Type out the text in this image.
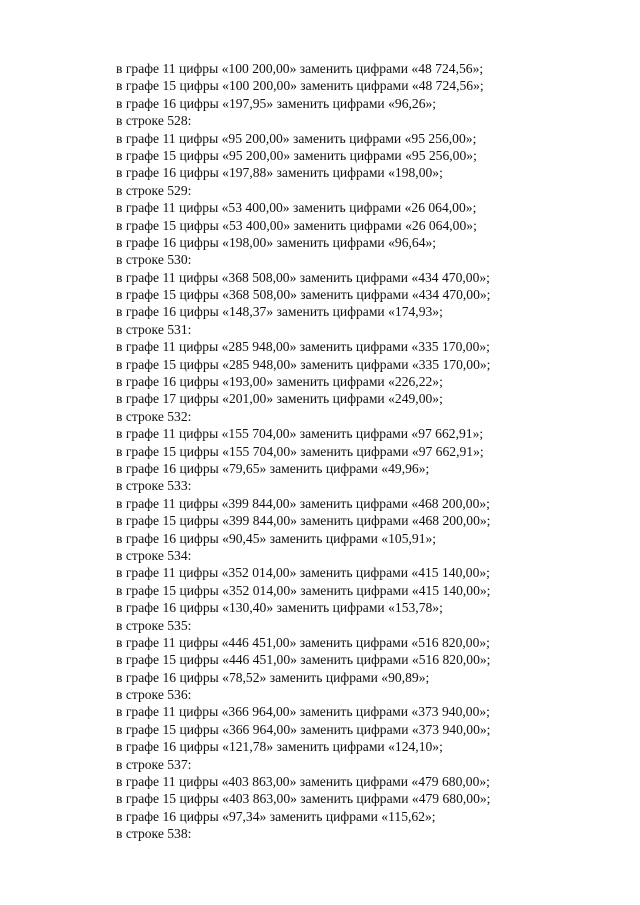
в графе 11 цифры «100 200,00» заменить цифрами «48 724,56»;
в графе 15 цифры «100 200,00» заменить цифрами «48 724,56»;
в графе 16 цифры «197,95» заменить цифрами «96,26»;
в строке 528:
в графе 11 цифры «95 200,00» заменить цифрами «95 256,00»;
в графе 15 цифры «95 200,00» заменить цифрами «95 256,00»;
в графе 16 цифры «197,88» заменить цифрами «198,00»;
в строке 529:
в графе 11 цифры «53 400,00» заменить цифрами «26 064,00»;
в графе 15 цифры «53 400,00» заменить цифрами «26 064,00»;
в графе 16 цифры «198,00» заменить цифрами «96,64»;
в строке 530:
в графе 11 цифры «368 508,00» заменить цифрами «434 470,00»;
в графе 15 цифры «368 508,00» заменить цифрами «434 470,00»;
в графе 16 цифры «148,37» заменить цифрами «174,93»;
в строке 531:
в графе 11 цифры «285 948,00» заменить цифрами «335 170,00»;
в графе 15 цифры «285 948,00» заменить цифрами «335 170,00»;
в графе 16 цифры «193,00» заменить цифрами «226,22»;
в графе 17 цифры «201,00» заменить цифрами «249,00»;
в строке 532:
в графе 11 цифры «155 704,00» заменить цифрами «97 662,91»;
в графе 15 цифры «155 704,00» заменить цифрами «97 662,91»;
в графе 16 цифры «79,65» заменить цифрами «49,96»;
в строке 533:
в графе 11 цифры «399 844,00» заменить цифрами «468 200,00»;
в графе 15 цифры «399 844,00» заменить цифрами «468 200,00»;
в графе 16 цифры «90,45» заменить цифрами «105,91»;
в строке 534:
в графе 11 цифры «352 014,00» заменить цифрами «415 140,00»;
в графе 15 цифры «352 014,00» заменить цифрами «415 140,00»;
в графе 16 цифры «130,40» заменить цифрами «153,78»;
в строке 535:
в графе 11 цифры «446 451,00» заменить цифрами «516 820,00»;
в графе 15 цифры «446 451,00» заменить цифрами «516 820,00»;
в графе 16 цифры «78,52» заменить цифрами «90,89»;
в строке 536:
в графе 11 цифры «366 964,00» заменить цифрами «373 940,00»;
в графе 15 цифры «366 964,00» заменить цифрами «373 940,00»;
в графе 16 цифры «121,78» заменить цифрами «124,10»;
в строке 537:
в графе 11 цифры «403 863,00» заменить цифрами «479 680,00»;
в графе 15 цифры «403 863,00» заменить цифрами «479 680,00»;
в графе 16 цифры «97,34» заменить цифрами «115,62»;
в строке 538:
